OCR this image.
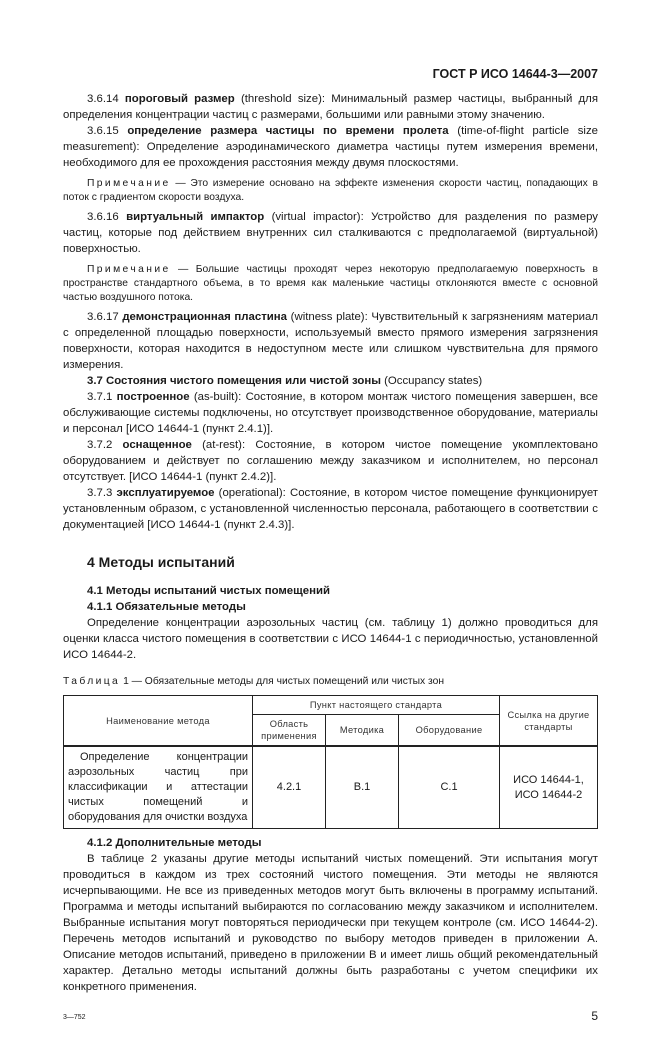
ГОСТ Р ИСО 14644-3—2007

3.6.14 пороговый размер (threshold size): Минимальный размер частицы, выбранный для определения концентрации частиц с размерами, большими или равными этому значению.

3.6.15 определение размера частицы по времени пролета (time-of-flight particle size measurement): Определение аэродинамического диаметра частицы путем измерения времени, необходимого для ее прохождения расстояния между двумя плоскостями.

Примечание — Это измерение основано на эффекте изменения скорости частиц, попадающих в поток с градиентом скорости воздуха.

3.6.16 виртуальный импактор (virtual impactor): Устройство для разделения по размеру частиц, которые под действием внутренних сил сталкиваются с предполагаемой (виртуальной) поверхностью.

Примечание — Большие частицы проходят через некоторую предполагаемую поверхность в пространстве стандартного объема, в то время как маленькие частицы отклоняются вместе с основной частью воздушного потока.

3.6.17 демонстрационная пластина (witness plate): Чувствительный к загрязнениям материал с определенной площадью поверхности, используемый вместо прямого измерения загрязнения поверхности, которая находится в недоступном месте или слишком чувствительна для прямого измерения.

3.7 Состояния чистого помещения или чистой зоны (Occupancy states)

3.7.1 построенное (as-built): Состояние, в котором монтаж чистого помещения завершен, все обслуживающие системы подключены, но отсутствует производственное оборудование, материалы и персонал [ИСО 14644-1 (пункт 2.4.1)].

3.7.2 оснащенное (at-rest): Состояние, в котором чистое помещение укомплектовано оборудованием и действует по соглашению между заказчиком и исполнителем, но персонал отсутствует. [ИСО 14644-1 (пункт 2.4.2)].

3.7.3 эксплуатируемое (operational): Состояние, в котором чистое помещение функционирует установленным образом, с установленной численностью персонала, работающего в соответствии с документацией [ИСО 14644-1 (пункт 2.4.3)].

4 Методы испытаний
4.1 Методы испытаний чистых помещений
4.1.1 Обязательные методы

Определение концентрации аэрозольных частиц (см. таблицу 1) должно проводиться для оценки класса чистого помещения в соответствии с ИСО 14644-1 с периодичностью, установленной ИСО 14644-2.

Таблица 1 — Обязательные методы для чистых помещений или чистых зон

Наименование метода	Пункт настоящего стандарта			Ссылка на другие стандарты
	Область применения	Методика	Оборудование	
Определение концентрации аэрозольных частиц при классификации и аттестации чистых помещений и оборудования для очистки воздуха	4.2.1	В.1	С.1	ИСО 14644-1, ИСО 14644-2
4.1.2 Дополнительные методы

В таблице 2 указаны другие методы испытаний чистых помещений. Эти испытания могут проводиться в каждом из трех состояний чистого помещения. Эти методы не являются исчерпывающими. Не все из приведенных методов могут быть включены в программу испытаний. Программа и методы испытаний выбираются по согласованию между заказчиком и исполнителем. Выбранные испытания могут повторяться периодически при текущем контроле (см. ИСО 14644-2). Перечень методов испытаний и руководство по выбору методов приведен в приложении А. Описание методов испытаний, приведено в приложении В и имеет лишь общий рекомендательный характер. Детально методы испытаний должны быть разработаны с учетом специфики их конкретного применения.

3—752	5
